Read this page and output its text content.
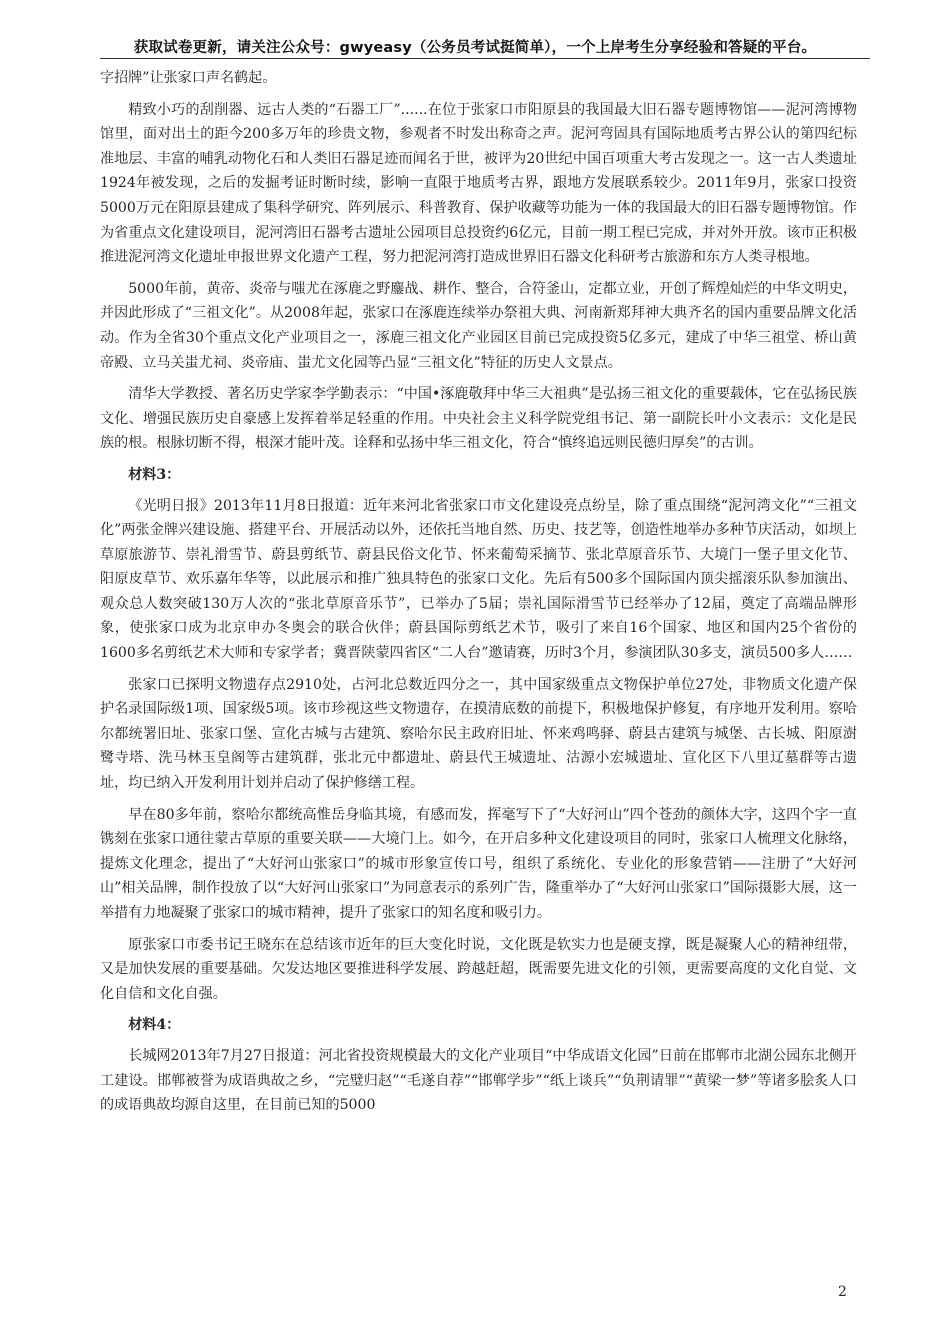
获取试卷更新，请关注公众号：gwyeasy（公务员考试挺简单），一个上岸考生分享经验和答疑的平台。

字招牌”让张家口声名鹤起。

精致小巧的刮削器、远古人类的“石器工厂”......在位于张家口市阳原县的我国最大旧石器专题博物馆——泥河湾博物馆里，面对出土的距今200多万年的珍贵文物，参观者不时发出称奇之声。泥河弯固具有国际地质考古界公认的第四纪标准地层、丰富的哺乳动物化石和人类旧石器足迹而闻名于世，被评为20世纪中国百项重大考古发现之一。这一古人类遗址1924年被发现，之后的发掘考证时断时续，影响一直限于地质考古界，跟地方发展联系较少。2011年9月，张家口投资5000万元在阳原县建成了集科学研究、阵列展示、科普教育、保护收藏等功能为一体的我国最大的旧石器专题博物馆。作为省重点文化建设项目，泥河湾旧石器考古遗址公园项目总投资约6亿元，目前一期工程已完成，并对外开放。该市正积极推进泥河湾文化遗址申报世界文化遗产工程，努力把泥河湾打造成世界旧石器文化科研考古旅游和东方人类寻根地。

5000年前，黄帝、炎帝与嗤尤在涿鹿之野鏖战、耕作、整合，合符釜山，定都立业，开创了辉煌灿烂的中华文明史，并因此形成了“三祖文化”。从2008年起，张家口在涿鹿连续举办祭祖大典、河南新郑拜神大典齐名的国内重要品牌文化活动。作为全省30个重点文化产业项目之一，涿鹿三祖文化产业园区目前已完成投资5亿多元，建成了中华三祖堂、桥山黄帝殿、立马关蚩尤祠、炎帝庙、蚩尤文化园等凸显“三祖文化”特征的历史人文景点。

清华大学教授、著名历史学家李学勤表示：“中国•涿鹿敬拜中华三大祖典”是弘扬三祖文化的重要载体，它在弘扬民族文化、增强民族历史自豪感上发挥着举足轻重的作用。中央社会主义科学院党组书记、第一副院长叶小文表示：文化是民族的根。根脉切断不得，根深才能叶茂。诠释和弘扬中华三祖文化，符合“慎终追远则民德归厚矣”的古训。

材料3：

《光明日报》2013年11月8日报道：近年来河北省张家口市文化建设亮点纷呈，除了重点围绕“泥河湾文化”“三祖文化”两张金牌兴建设施、搭建平台、开展活动以外，还依托当地自然、历史、技艺等，创造性地举办多种节庆活动，如坝上草原旅游节、崇礼滑雪节、蔚县剪纸节、蔚县民俗文化节、怀来葡萄采摘节、张北草原音乐节、大境门一堡子里文化节、阳原皮草节、欢乐嘉年华等，以此展示和推广独具特色的张家口文化。先后有500多个国际国内顶尖摇滚乐队参加演出、观众总人数突破130万人次的“张北草原音乐节”，已举办了5届；崇礼国际滑雪节已经举办了12届，奠定了高端品牌形象，使张家口成为北京申办冬奥会的联合伙伴；蔚县国际剪纸艺术节，吸引了来自16个国家、地区和国内25个省份的1600多名剪纸艺术大师和专家学者；冀晋陕蒙四省区“二人台”邀请赛，历时3个月，参演团队30多支，演员500多人……

张家口已探明文物遗存点2910处，占河北总数近四分之一，其中国家级重点文物保护单位27处，非物质文化遗产保护名录国际级1项、国家级5项。该市珍视这些文物遗存，在摸清底数的前提下，积极地保护修复，有序地开发利用。察哈尔都统署旧址、张家口堡、宣化古城与古建筑、察哈尔民主政府旧址、怀来鸡鸣驿、蔚县古建筑与城堡、古长城、阳原澍鹭寺塔、洗马林玉皇阁等古建筑群，张北元中都遗址、蔚县代王城遗址、沽源小宏城遗址、宣化区下八里辽墓群等古遗址，均已纳入开发利用计划并启动了保护修缮工程。

早在80多年前，察哈尔都统高惟岳身临其境，有感而发，挥毫写下了“大好河山”四个苍劲的颜体大字，这四个字一直镌刻在张家口通往蒙古草原的重要关联——大境门上。如今，在开启多种文化建设项目的同时，张家口人梳理文化脉络，提炼文化理念，提出了“大好河山张家口”的城市形象宣传口号，组织了系统化、专业化的形象营销——注册了“大好河山”相关品牌，制作投放了以“大好河山张家口”为同意表示的系列广告，隆重举办了“大好河山张家口”国际摄影大展，这一举措有力地凝聚了张家口的城市精神，提升了张家口的知名度和吸引力。

原张家口市委书记王晓东在总结该市近年的巨大变化时说，文化既是软实力也是硬支撑，既是凝聚人心的精神纽带，又是加快发展的重要基础。欠发达地区要推进科学发展、跨越赶超，既需要先进文化的引领，更需要高度的文化自觉、文化自信和文化自强。

材料4：

长城网2013年7月27日报道：河北省投资规模最大的文化产业项目“中华成语文化园”日前在邯郸市北湖公园东北侧开工建设。邯郸被誉为成语典故之乡，“完璧归赵”“毛遂自荐”“邯郸学步”“纸上谈兵”“负荆请罪”“黄梁一梦”等诸多脍炙人口的成语典故均源自这里，在目前已知的5000

2
